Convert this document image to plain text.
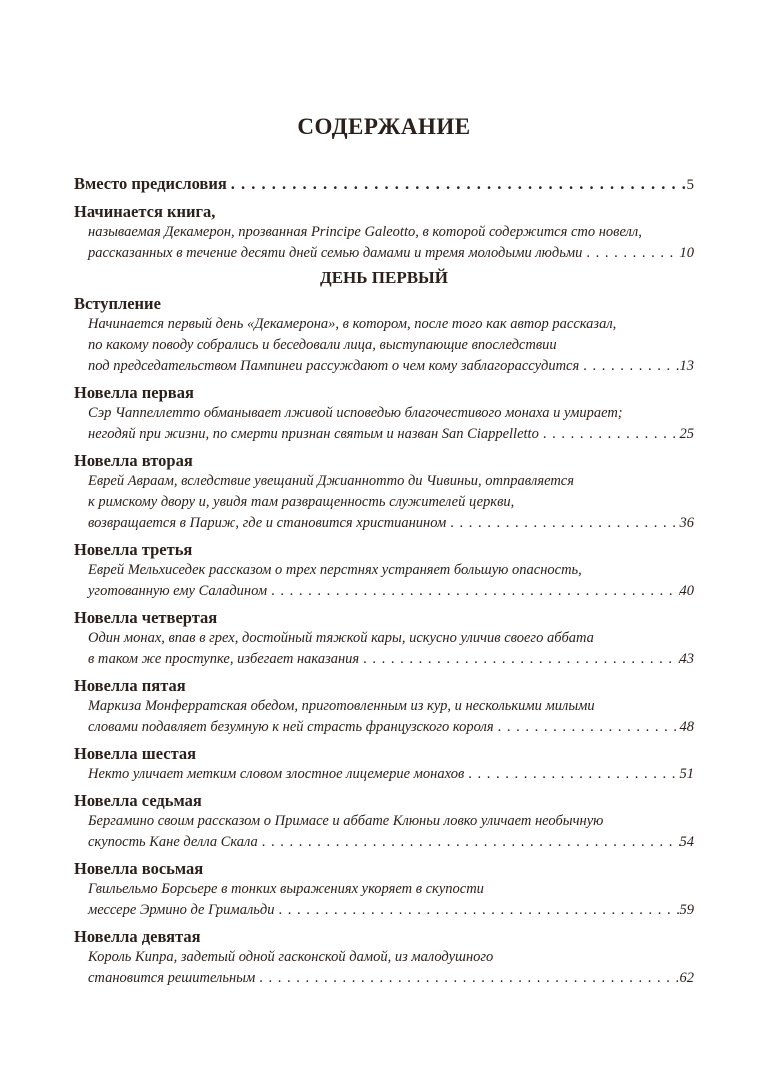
СОДЕРЖАНИЕ
Вместо предисловия . . .	5
Начинается книга,
называемая Декамерон, прозванная Principe Galeotto, в которой содержится сто новелл,
рассказанных в течение десяти дней семью дамами и тремя молодыми людьми . . .	10
ДЕНЬ ПЕРВЫЙ
Вступление
Начинается первый день «Декамерона», в котором, после того как автор рассказал,
по какому поводу собрались и беседовали лица, выступающие впоследствии
под председательством Пампинеи рассуждают о чем кому заблагорассудится . . .	13
Новелла первая
Сэр Чаппеллетто обманывает лживой исповедью благочестивого монаха и умирает;
негодяй при жизни, по смерти признан святым и назван San Ciappelletto . . .	25
Новелла вторая
Еврей Авраам, вследствие увещаний Джианнотто ди Чивиньи, отправляется
к римскому двору и, увидя там развращенность служителей церкви,
возвращается в Париж, где и становится христианином . . .	36
Новелла третья
Еврей Мельхиседек рассказом о трех перстнях устраняет большую опасность,
уготованную ему Саладином . . .	40
Новелла четвертая
Один монах, впав в грех, достойный тяжкой кары, искусно уличив своего аббата
в таком же проступке, избегает наказания . . .	43
Новелла пятая
Маркиза Монферратская обедом, приготовленным из кур, и несколькими милыми
словами подавляет безумную к ней страсть французского короля . . .	48
Новелла шестая
Некто уличает метким словом злостное лицемерие монахов . . .	51
Новелла седьмая
Бергамино своим рассказом о Примасе и аббате Клюньи ловко уличает необычную
скупость Кане делла Скала . . .	54
Новелла восьмая
Гвильельмо Борсьере в тонких выражениях укоряет в скупости
мессере Эрмино де Гримальди . . .	59
Новелла девятая
Король Кипра, задетый одной гасконской дамой, из малодушного
становится решительным . . .	62
